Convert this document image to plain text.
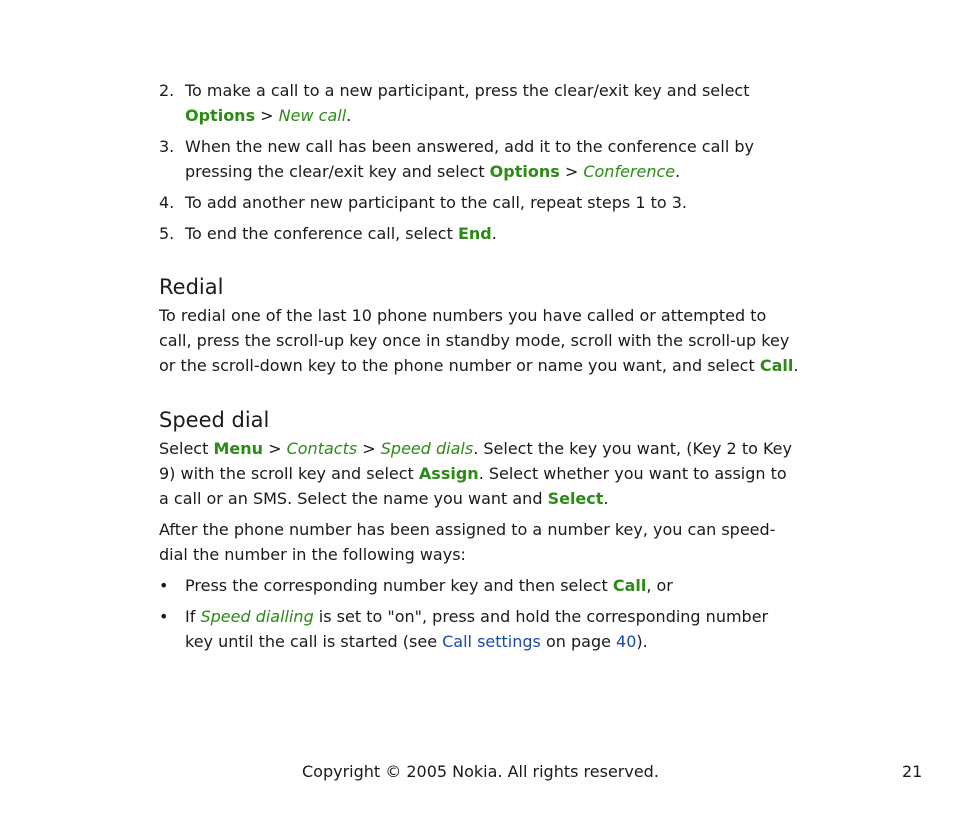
2. To make a call to a new participant, press the clear/exit key and select Options > New call.
3. When the new call has been answered, add it to the conference call by pressing the clear/exit key and select Options > Conference.
4. To add another new participant to the call, repeat steps 1 to 3.
5. To end the conference call, select End.
Redial

To redial one of the last 10 phone numbers you have called or attempted to call, press the scroll-up key once in standby mode, scroll with the scroll-up key or the scroll-down key to the phone number or name you want, and select Call.

Speed dial

Select Menu > Contacts > Speed dials. Select the key you want, (Key 2 to Key 9) with the scroll key and select Assign. Select whether you want to assign to a call or an SMS. Select the name you want and Select.

After the phone number has been assigned to a number key, you can speed-dial the number in the following ways:

• Press the corresponding number key and then select Call, or
• If Speed dialling is set to "on", press and hold the corresponding number key until the call is started (see Call settings on page 40).
Copyright © 2005 Nokia. All rights reserved.	21
